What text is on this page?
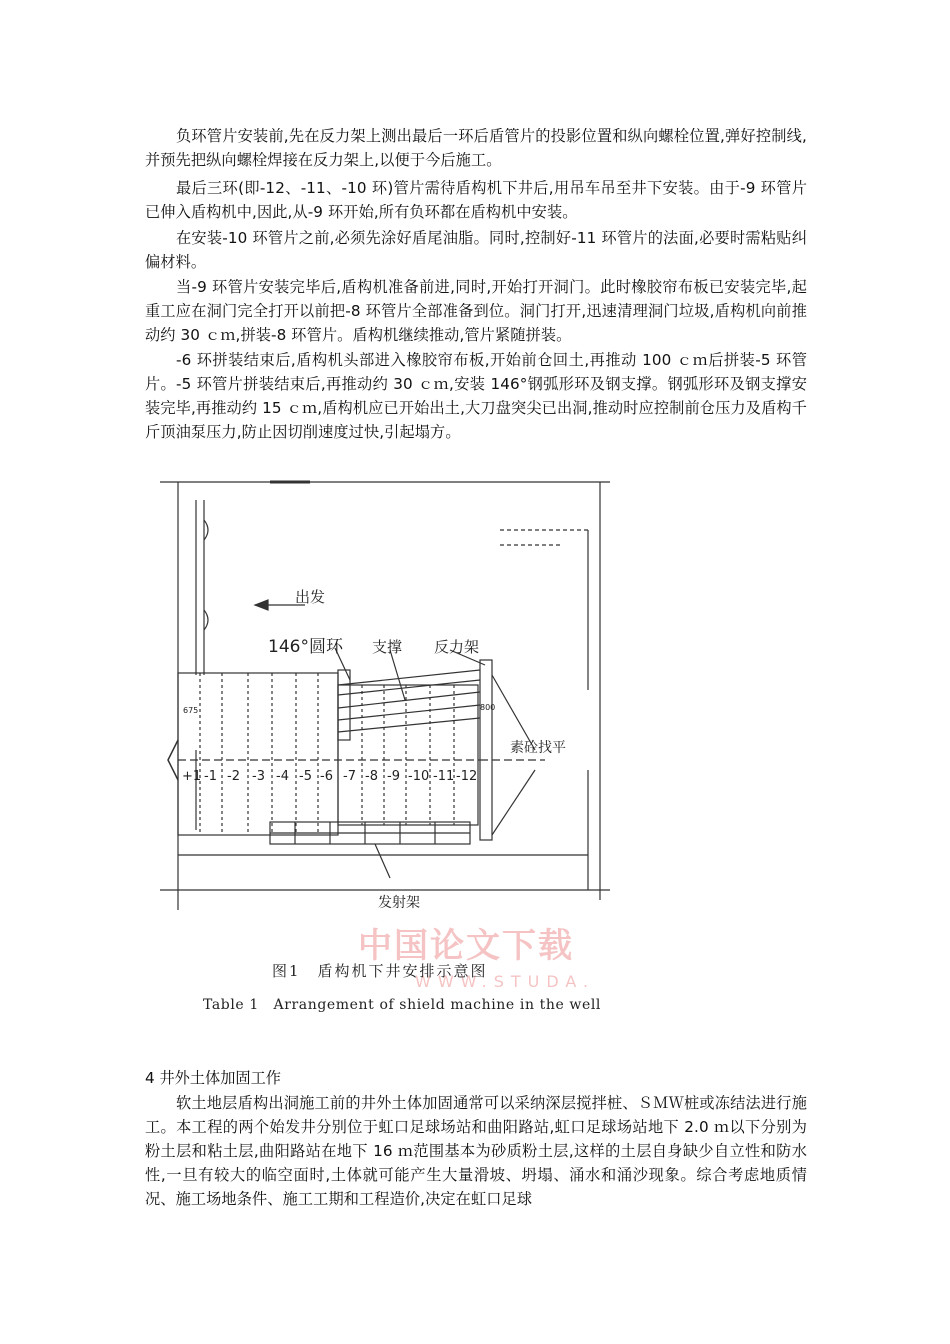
负环管片安装前,先在反力架上测出最后一环后盾管片的投影位置和纵向螺栓位置,弹好控制线,并预先把纵向螺栓焊接在反力架上,以便于今后施工。

最后三环(即-12、-11、-10 环)管片需待盾构机下井后,用吊车吊至井下安装。由于-9 环管片已伸入盾构机中,因此,从-9 环开始,所有负环都在盾构机中安装。

在安装-10 环管片之前,必须先涂好盾尾油脂。同时,控制好-11 环管片的法面,必要时需粘贴纠偏材料。

当-9 环管片安装完毕后,盾构机准备前进,同时,开始打开洞门。此时橡胶帘布板已安装完毕,起重工应在洞门完全打开以前把-8 环管片全部准备到位。洞门打开,迅速清理洞门垃圾,盾构机向前推动约 30 ｃｍ,拼装-8 环管片。盾构机继续推动,管片紧随拼装。

-6 环拼装结束后,盾构机头部进入橡胶帘布板,开始前仓回土,再推动 100 ｃｍ后拼装-5 环管片。-5 环管片拼装结束后,再推动约 30 ｃｍ,安装 146°钢弧形环及钢支撑。钢弧形环及钢支撑安装完毕,再推动约 15 ｃｍ,盾构机应已开始出土,大刀盘突尖已出洞,推动时应控制前仓压力及盾构千斤顶油泵压力,防止因切削速度过快,引起塌方。

出发
146°圆环 支撑 反力架
素砼找平
发射架
675	800
+1 -1 -2 -3 -4 -5 -6 -7 -8 -9 -10 -11 -12
中国论文下载
WWW.STUDA.
图1　盾构机下井安排示意图
Table 1　Arrangement of shield machine in the well

4 井外土体加固工作

软土地层盾构出洞施工前的井外土体加固通常可以采纳深层搅拌桩、ＳＭＷ桩或冻结法进行施工。本工程的两个始发井分别位于虹口足球场站和曲阳路站,虹口足球场站地下 2.0 ｍ以下分别为粉土层和粘土层,曲阳路站在地下 16 ｍ范围基本为砂质粉土层,这样的土层自身缺少自立性和防水性,一旦有较大的临空面时,土体就可能产生大量滑坡、坍塌、涌水和涌沙现象。综合考虑地质情况、施工场地条件、施工工期和工程造价,决定在虹口足球
